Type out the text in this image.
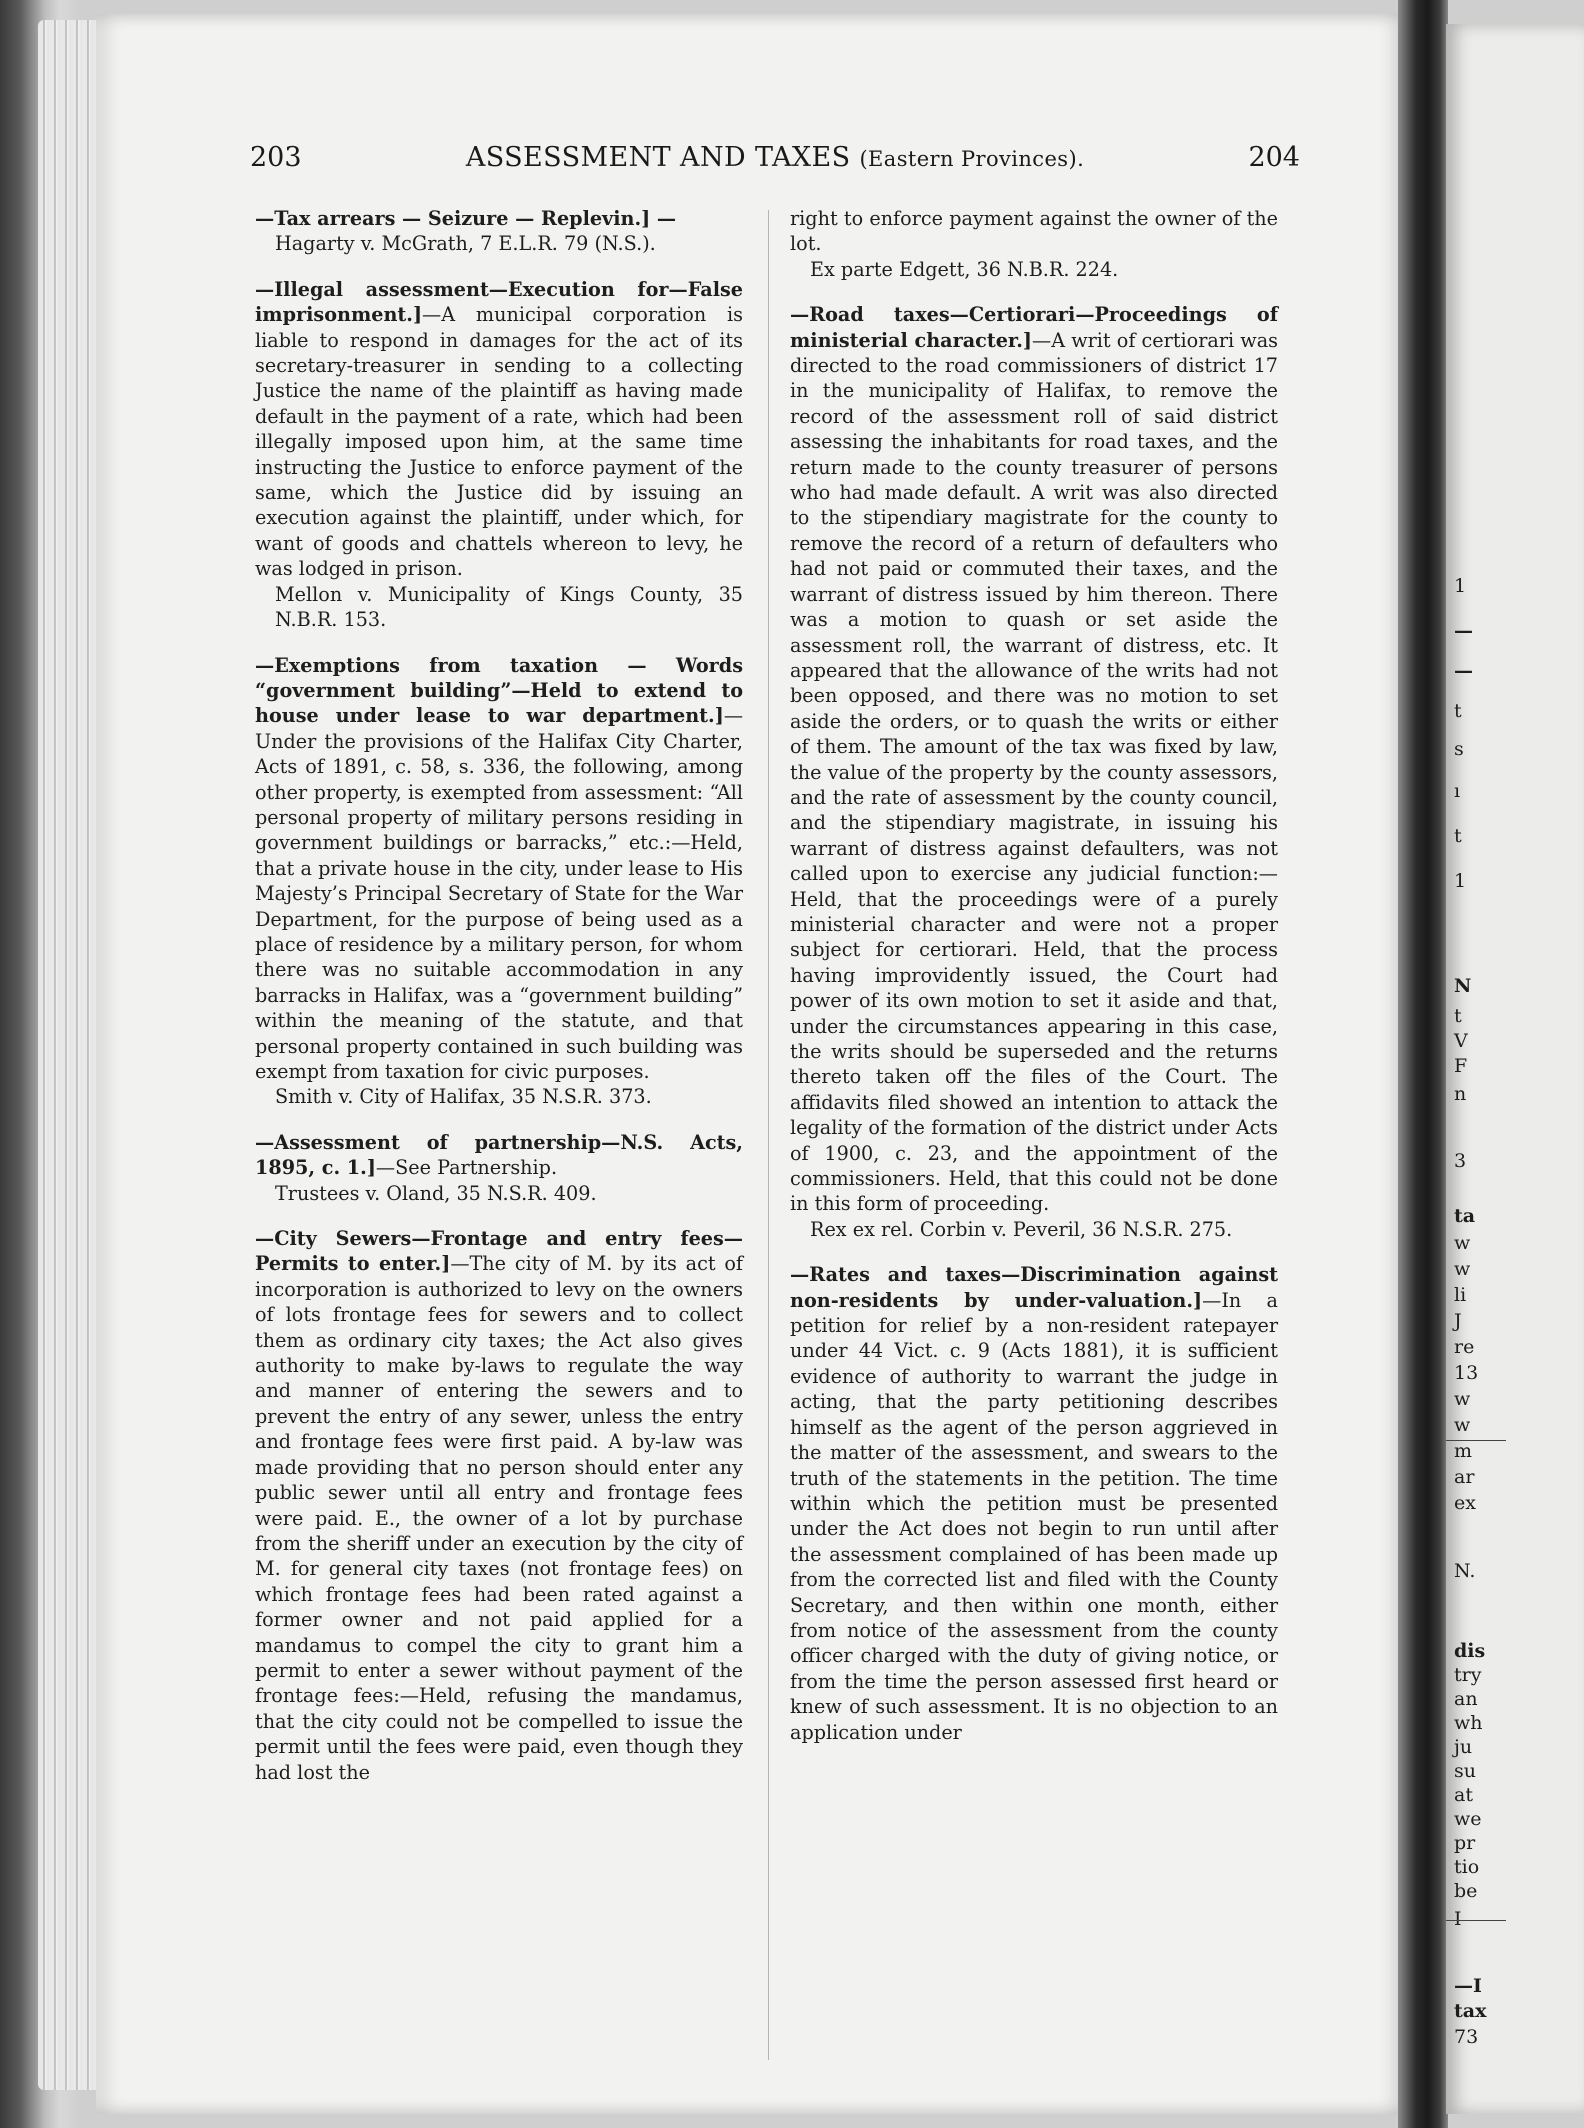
203	ASSESSMENT AND TAXES (Eastern Provinces).	204

—Tax arrears — Seizure — Replevin.] —

Hagarty v. McGrath, 7 E.L.R. 79 (N.S.).

—Illegal assessment—Execution for—False imprisonment.]—A municipal corporation is liable to respond in damages for the act of its secretary-treasurer in sending to a collecting Justice the name of the plaintiff as having made default in the payment of a rate, which had been illegally imposed upon him, at the same time instructing the Justice to enforce payment of the same, which the Justice did by issuing an execution against the plaintiff, under which, for want of goods and chattels whereon to levy, he was lodged in prison.

Mellon v. Municipality of Kings County, 35 N.B.R. 153.

—Exemptions from taxation — Words “government building”—Held to extend to house under lease to war department.]—Under the provisions of the Halifax City Charter, Acts of 1891, c. 58, s. 336, the following, among other property, is exempted from assessment: “All personal property of military persons residing in government buildings or barracks,” etc.:—Held, that a private house in the city, under lease to His Majesty’s Principal Secretary of State for the War Department, for the purpose of being used as a place of residence by a military person, for whom there was no suitable accommodation in any barracks in Halifax, was a “government building” within the meaning of the statute, and that personal property contained in such building was exempt from taxation for civic purposes.

Smith v. City of Halifax, 35 N.S.R. 373.

—Assessment of partnership—N.S. Acts, 1895, c. 1.]—See Partnership.

Trustees v. Oland, 35 N.S.R. 409.

—City Sewers—Frontage and entry fees—Permits to enter.]—The city of M. by its act of incorporation is authorized to levy on the owners of lots frontage fees for sewers and to collect them as ordinary city taxes; the Act also gives authority to make by-laws to regulate the way and manner of entering the sewers and to prevent the entry of any sewer, unless the entry and frontage fees were first paid. A by-law was made providing that no person should enter any public sewer until all entry and frontage fees were paid. E., the owner of a lot by purchase from the sheriff under an execution by the city of M. for general city taxes (not frontage fees) on which frontage fees had been rated against a former owner and not paid applied for a mandamus to compel the city to grant him a permit to enter a sewer without payment of the frontage fees:—Held, refusing the mandamus, that the city could not be compelled to issue the permit until the fees were paid, even though they had lost the

right to enforce payment against the owner of the lot.

Ex parte Edgett, 36 N.B.R. 224.

—Road taxes—Certiorari—Proceedings of ministerial character.]—A writ of certiorari was directed to the road commissioners of district 17 in the municipality of Halifax, to remove the record of the assessment roll of said district assessing the inhabitants for road taxes, and the return made to the county treasurer of persons who had made default. A writ was also directed to the stipendiary magistrate for the county to remove the record of a return of defaulters who had not paid or commuted their taxes, and the warrant of distress issued by him thereon. There was a motion to quash or set aside the assessment roll, the warrant of distress, etc. It appeared that the allowance of the writs had not been opposed, and there was no motion to set aside the orders, or to quash the writs or either of them. The amount of the tax was fixed by law, the value of the property by the county assessors, and the rate of assessment by the county council, and the stipendiary magistrate, in issuing his warrant of distress against defaulters, was not called upon to exercise any judicial function:—Held, that the proceedings were of a purely ministerial character and were not a proper subject for certiorari. Held, that the process having improvidently issued, the Court had power of its own motion to set it aside and that, under the circumstances appearing in this case, the writs should be superseded and the returns thereto taken off the files of the Court. The affidavits filed showed an intention to attack the legality of the formation of the district under Acts of 1900, c. 23, and the appointment of the commissioners. Held, that this could not be done in this form of proceeding.

Rex ex rel. Corbin v. Peveril, 36 N.S.R. 275.

—Rates and taxes—Discrimination against non-residents by under-valuation.]—In a petition for relief by a non-resident ratepayer under 44 Vict. c. 9 (Acts 1881), it is sufficient evidence of authority to warrant the judge in acting, that the party petitioning describes himself as the agent of the person aggrieved in the matter of the assessment, and swears to the truth of the statements in the petition. The time within which the petition must be presented under the Act does not begin to run until after the assessment complained of has been made up from the corrected list and filed with the County Secretary, and then within one month, either from notice of the assessment from the county officer charged with the duty of giving notice, or from the time the person assessed first heard or knew of such assessment. It is no objection to an application under

1
—
—
t
s
ı
t
1
N
t
V
F
n
3
ta
w
w
li
J
re
13
w
w
m
ar
ex
N.
dis
try
an
wh
ju
su
at
we
pr
tio
be
I
—I
tax
73
